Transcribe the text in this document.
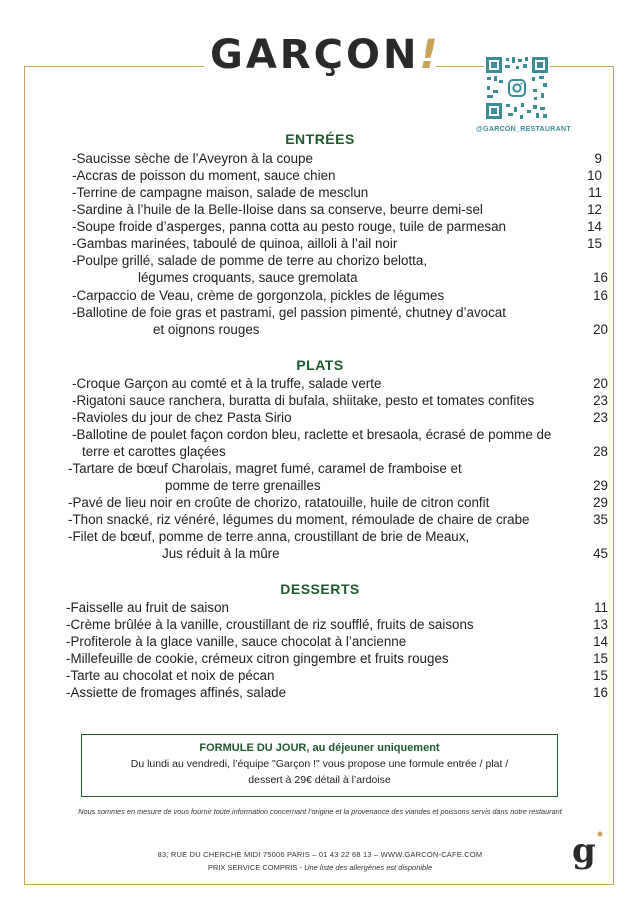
GARÇON!
@GARCON_RESTAURANT
ENTRÉES
-Saucisse sèche de l’Aveyron à la coupe	9
-Accras de poisson du moment, sauce chien	10
-Terrine de campagne maison, salade de mesclun	11
-Sardine à l’huile de la Belle-Iloise dans sa conserve, beurre demi-sel	12
-Soupe froide d’asperges, panna cotta au pesto rouge, tuile de parmesan	14
-Gambas marinées, taboulé de quinoa, ailloli à l’ail noir	15
-Poulpe grillé, salade de pomme de terre au chorizo belotta,
légumes croquants, sauce gremolata	16
-Carpaccio de Veau, crème de gorgonzola, pickles de légumes	16
-Ballotine de foie gras et pastrami, gel passion pimenté, chutney d’avocat
et oignons rouges	20
PLATS
-Croque Garçon au comté et à la truffe, salade verte	20
-Rigatoni sauce ranchera, buratta di bufala, shiitake, pesto et tomates confites	23
-Ravioles du jour de chez Pasta Sirio	23
-Ballotine de poulet façon cordon bleu, raclette et bresaola, écrasé de pomme de
terre et carottes glaçées	28
-Tartare de bœuf Charolais, magret fumé, caramel de framboise et
pomme de terre grenailles	29
-Pavé de lieu noir en croûte de chorizo, ratatouille, huile de citron confit	29
-Thon snacké, riz vénéré, légumes du moment, rémoulade de chaire de crabe	35
-Filet de bœuf, pomme de terre anna, croustillant de brie de Meaux,
Jus réduit à la mûre	45
DESSERTS
-Faisselle au fruit de saison	11
-Crème brûlée à la vanille, croustillant de riz soufflé, fruits de saisons	13
-Profiterole à la glace vanille, sauce chocolat à l’ancienne	14
-Millefeuille de cookie, crémeux citron gingembre et fruits rouges	15
-Tarte au chocolat et noix de pécan	15
-Assiette de fromages affinés, salade	16
FORMULE DU JOUR, au déjeuner uniquement
Du lundi au vendredi, l’équipe "Garçon !" vous propose une formule entrée / plat /
dessert à 29€ détail à l’ardoise
Nous sommes en mesure de vous fournir toute information concernant l’origine et la provenance des viandes et poissons servis dans notre restaurant
g
83, RUE DU CHERCHE MIDI 75006 PARIS – 01 43 22 68 13 – WWW.GARCON-CAFE.COM
PRIX SERVICE COMPRIS - Une liste des allergènes est disponible
